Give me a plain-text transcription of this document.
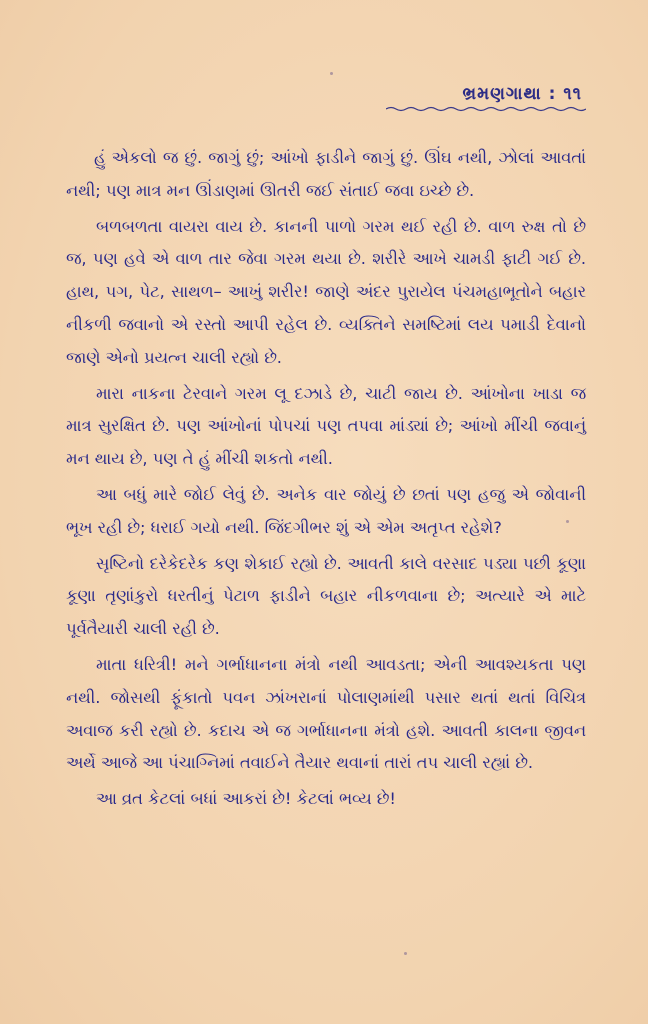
ભ્રમણગાથા : ૧૧

હું એકલો જ છું. જાગું છું; આંખો ફાડીને જાગું છું. ઊંઘ નથી, ઝોલાં આવતાં નથી; પણ માત્ર મન ઊંડાણમાં ઊતરી જઈ સંતાઈ જવા ઇચ્છે છે.

બળબળતા વાયરા વાય છે. કાનની પાળો ગરમ થઈ રહી છે. વાળ રુક્ષ તો છે જ, પણ હવે એ વાળ તાર જેવા ગરમ થયા છે. શરીરે આખે ચામડી ફાટી ગઈ છે. હાથ, પગ, પેટ, સાથળ– આખું શરીર! જાણે અંદર પુરાયેલ પંચમહાભૂતોને બહાર નીકળી જવાનો એ રસ્તો આપી રહેલ છે. વ્યક્તિને સમષ્ટિમાં લય પમાડી દેવાનો જાણે એનો પ્રયત્ન ચાલી રહ્યો છે.

મારા નાકના ટેરવાને ગરમ લૂ દઝાડે છે, ચાટી જાય છે. આંખોના ખાડા જ માત્ર સુરક્ષિત છે. પણ આંખોનાં પોપચાં પણ તપવા માંડ્યાં છે; આંખો મીંચી જવાનું મન થાય છે, પણ તે હું મીંચી શકતો નથી.

આ બધું મારે જોઈ લેવું છે. અનેક વાર જોયું છે છતાં પણ હજુ એ જોવાની ભૂખ રહી છે; ધરાઈ ગયો નથી. જિંદગીભર શું એ એમ અતૃપ્ત રહેશે?

સૃષ્ટિનો દરેકેદરેક કણ શેકાઈ રહ્યો છે. આવતી કાલે વરસાદ પડ્યા પછી કૂણા કૂણા તૃણાંકુરો ધરતીનું પેટાળ ફાડીને બહાર નીકળવાના છે; અત્યારે એ માટે પૂર્વતૈયારી ચાલી રહી છે.

માતા ધરિત્રી! મને ગર્ભાધાનના મંત્રો નથી આવડતા; એની આવશ્યકતા પણ નથી. જોસથી ફૂંકાતો પવન ઝાંખરાનાં પોલાણમાંથી પસાર થતાં થતાં વિચિત્ર અવાજ કરી રહ્યો છે. કદાચ એ જ ગર્ભાધાનના મંત્રો હશે. આવતી કાલના જીવન અર્થે આજે આ પંચાગ્નિમાં તવાઈને તૈયાર થવાનાં તારાં તપ ચાલી રહ્યાં છે.

આ વ્રત કેટલાં બધાં આકરાં છે! કેટલાં ભવ્ય છે!
